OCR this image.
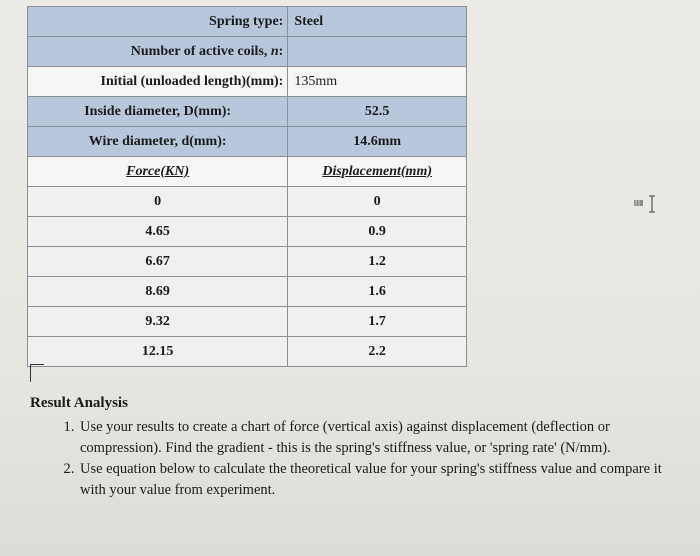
Spring type:	Steel
Number of active coils, n:	
Initial (unloaded length)(mm):	135mm
Inside diameter, D(mm):	52.5
Wire diameter, d(mm):	14.6mm
Force(KN)	Displacement(mm)
0	0
4.65	0.9
6.67	1.2
8.69	1.6
9.32	1.7
12.15	2.2
Result Analysis

1. Use your results to create a chart of force (vertical axis) against displacement (deflection or compression). Find the gradient - this is the spring's stiffness value, or 'spring rate' (N/mm).

2. Use equation below to calculate the theoretical value for your spring's stiffness value and compare it with your value from experiment.
